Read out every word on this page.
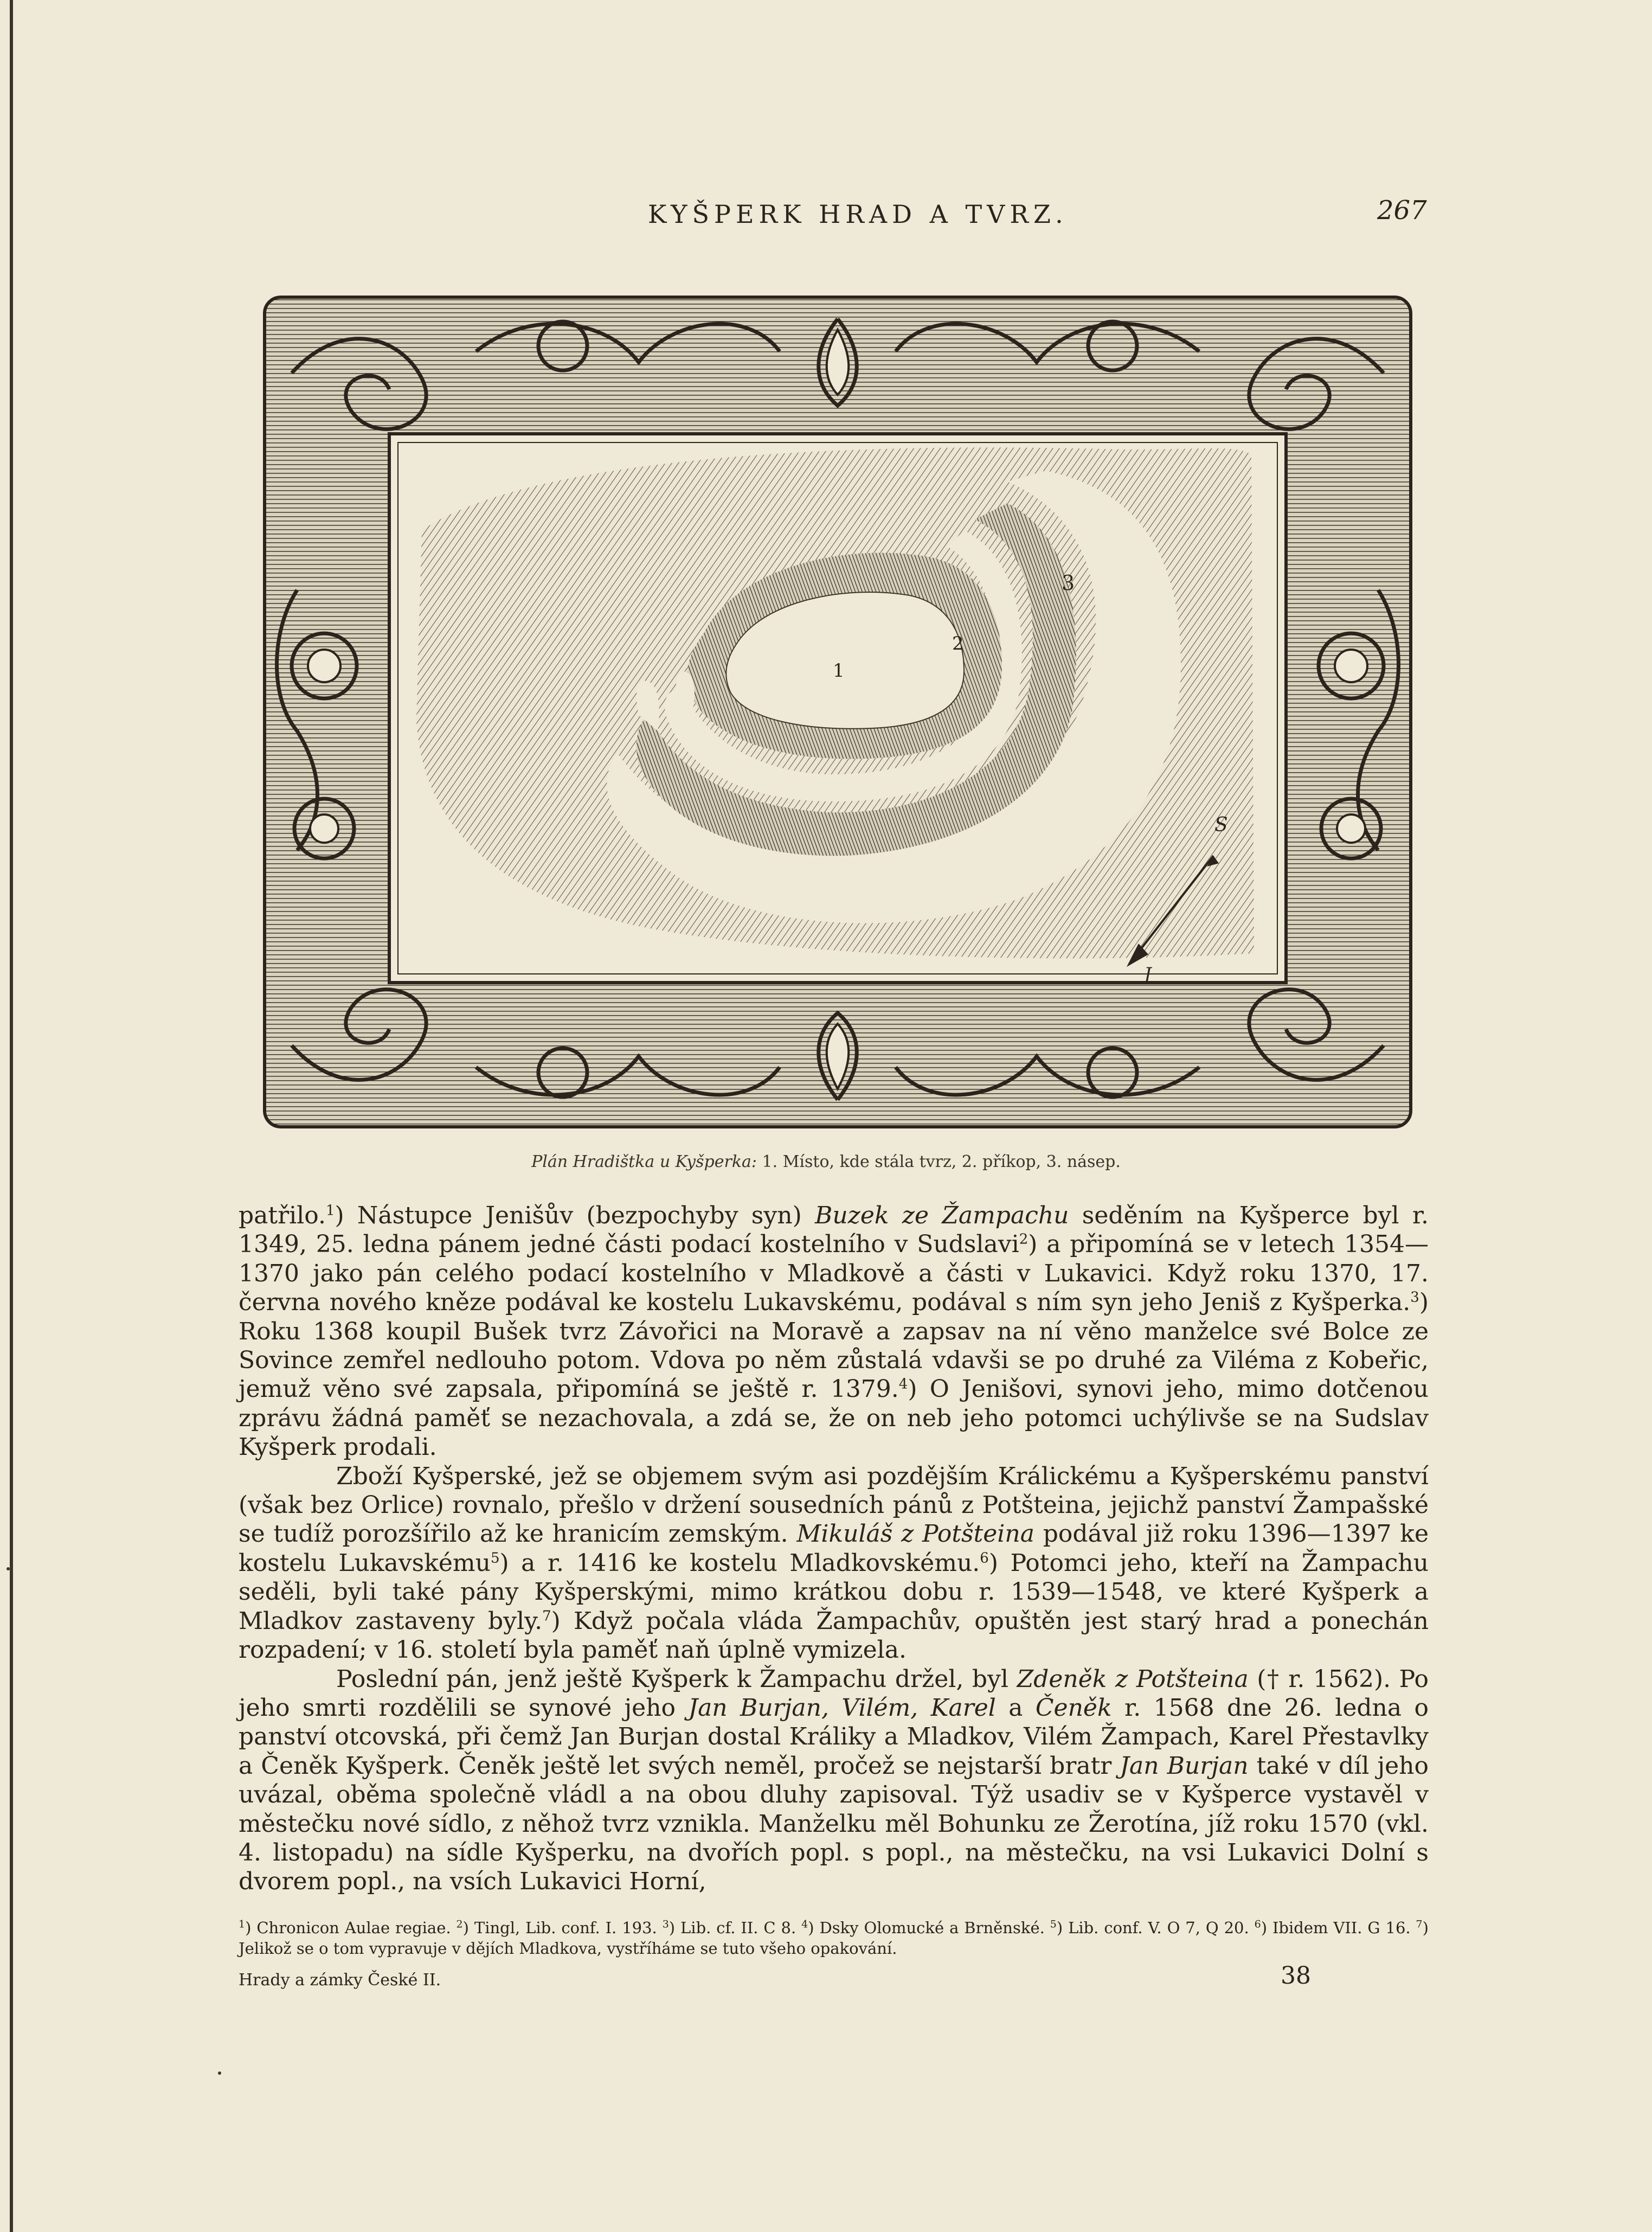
KYŠPERK HRAD A TVRZ.	267
1
2
3
S
J
Plán Hradištka u Kyšperka: 1. Místo, kde stála tvrz, 2. příkop, 3. násep.

patřilo.$^1$) Nástupce Jenišův (bezpochyby syn) Buzek ze Žampachu seděním na Kyšperce byl r. 1349, 25. ledna pánem jedné části podací kostelního v Sudslavi$^2$) a připomíná se v letech 1354—1370 jako pán celého podací kostelního v Mladkově a části v Lukavici. Když roku 1370, 17. června nového kněze podával ke kostelu Lukavskému, podával s ním syn jeho Jeniš z Kyšperka.$^3$) Roku 1368 koupil Bušek tvrz Závořici na Moravě a zapsav na ní věno manželce své Bolce ze Sovince zemřel nedlouho potom. Vdova po něm zůstalá vdavši se po druhé za Viléma z Kobeřic, jemuž věno své zapsala, připomíná se ještě r. 1379.$^4$) O Jenišovi, synovi jeho, mimo dotčenou zprávu žádná paměť se nezachovala, a zdá se, že on neb jeho potomci uchýlivše se na Sudslav Kyšperk prodali.

Zboží Kyšperské, jež se objemem svým asi pozdějším Králickému a Kyšperskému panství (však bez Orlice) rovnalo, přešlo v držení sousedních pánů z Potšteina, jejichž panství Žampašské se tudíž porozšířilo až ke hranicím zemským. Mikuláš z Potšteina podával již roku 1396—1397 ke kostelu Lukavskému$^5$) a r. 1416 ke kostelu Mladkovskému.$^6$) Potomci jeho, kteří na Žampachu seděli, byli také pány Kyšperskými, mimo krátkou dobu r. 1539—1548, ve které Kyšperk a Mladkov zastaveny byly.$^7$) Když počala vláda Žampachův, opuštěn jest starý hrad a ponechán rozpadení; v 16. století byla paměť naň úplně vymizela.

Poslední pán, jenž ještě Kyšperk k Žampachu držel, byl Zdeněk z Potšteina († r. 1562). Po jeho smrti rozdělili se synové jeho Jan Burjan, Vilém, Karel a Čeněk r. 1568 dne 26. ledna o panství otcovská, při čemž Jan Burjan dostal Králiky a Mladkov, Vilém Žampach, Karel Přestavlky a Čeněk Kyšperk. Čeněk ještě let svých neměl, pročež se nejstarší bratr Jan Burjan také v díl jeho uvázal, oběma společně vládl a na obou dluhy zapisoval. Týž usadiv se v Kyšperce vystavěl v městečku nové sídlo, z něhož tvrz vznikla. Manželku měl Bohunku ze Žerotína, jíž roku 1570 (vkl. 4. listopadu) na sídle Kyšperku, na dvořích popl. s popl., na městečku, na vsi Lukavici Dolní s dvorem popl., na vsích Lukavici Horní,

$^1$) Chronicon Aulae regiae. $^2$) Tingl, Lib. conf. I. 193. $^3$) Lib. cf. II. C 8. $^4$) Dsky Olomucké a Brněnské. $^5$) Lib. conf. V. O 7, Q 20. $^6$) Ibidem VII. G 16. $^7$) Jelikož se o tom vypravuje v dějích Mladkova, vystříháme se tuto všeho opakování.
Hrady a zámky České II.	38
